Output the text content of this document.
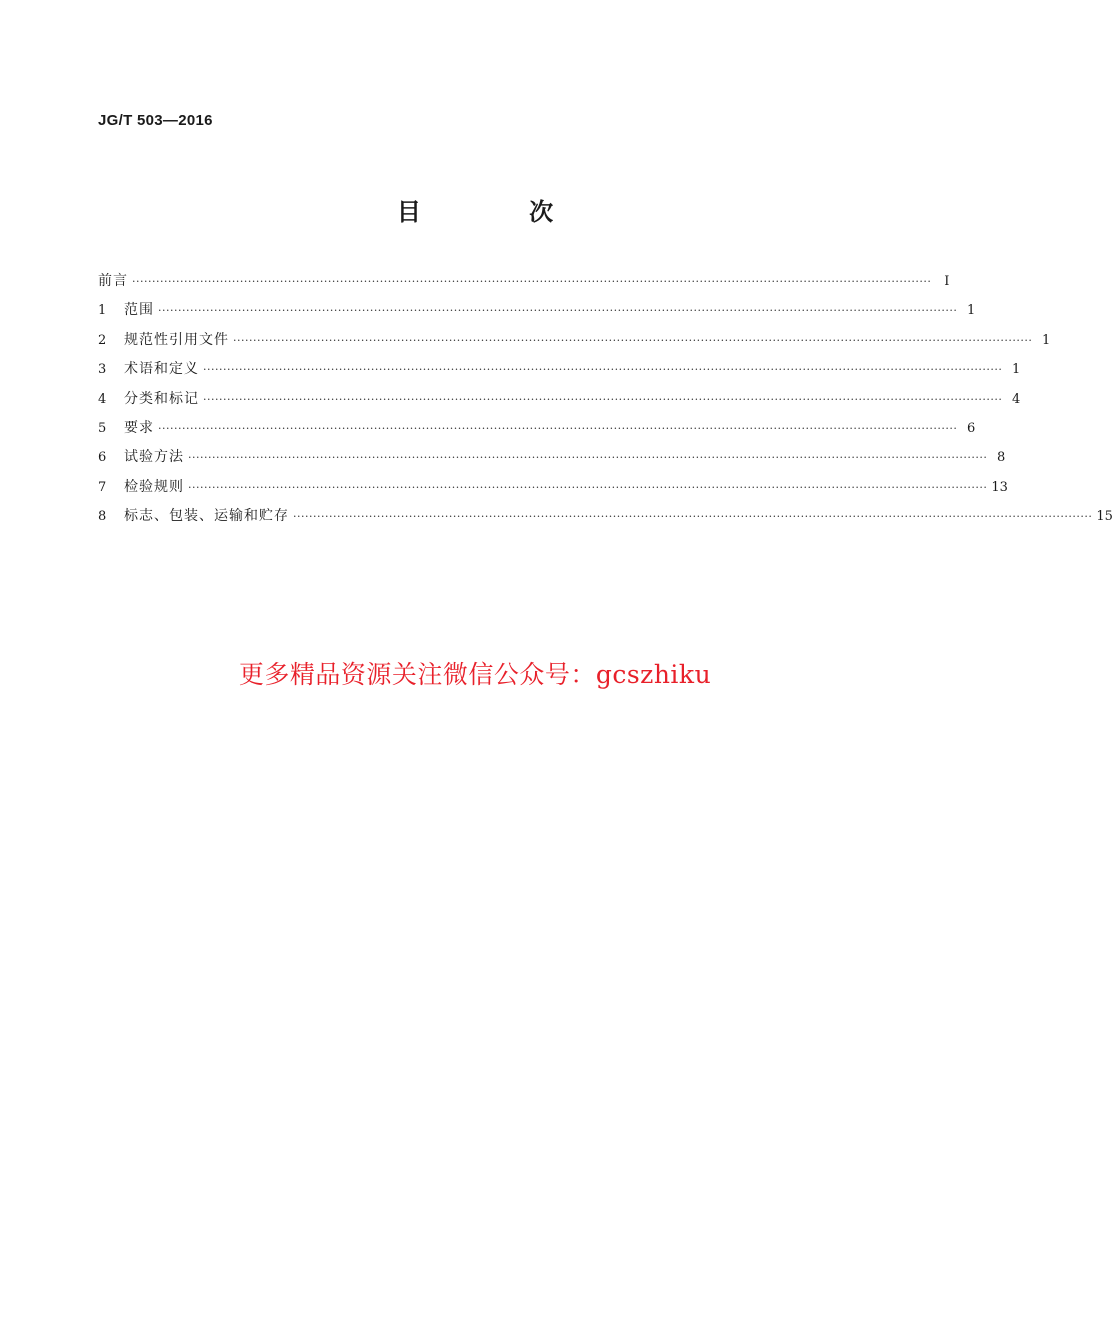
JG/T 503—2016
目 次
前言 ········································································································································································································ Ⅰ
1	范围 ········································································································································································································ 1
2	规范性引用文件 ········································································································································································································ 1
3	术语和定义 ········································································································································································································ 1
4	分类和标记 ········································································································································································································ 4
5	要求 ········································································································································································································ 6
6	试验方法 ········································································································································································································ 8
7	检验规则 ········································································································································································································ 13
8	标志、包装、运输和贮存 ········································································································································································································ 15
更多精品资源关注微信公众号：gcszhiku
